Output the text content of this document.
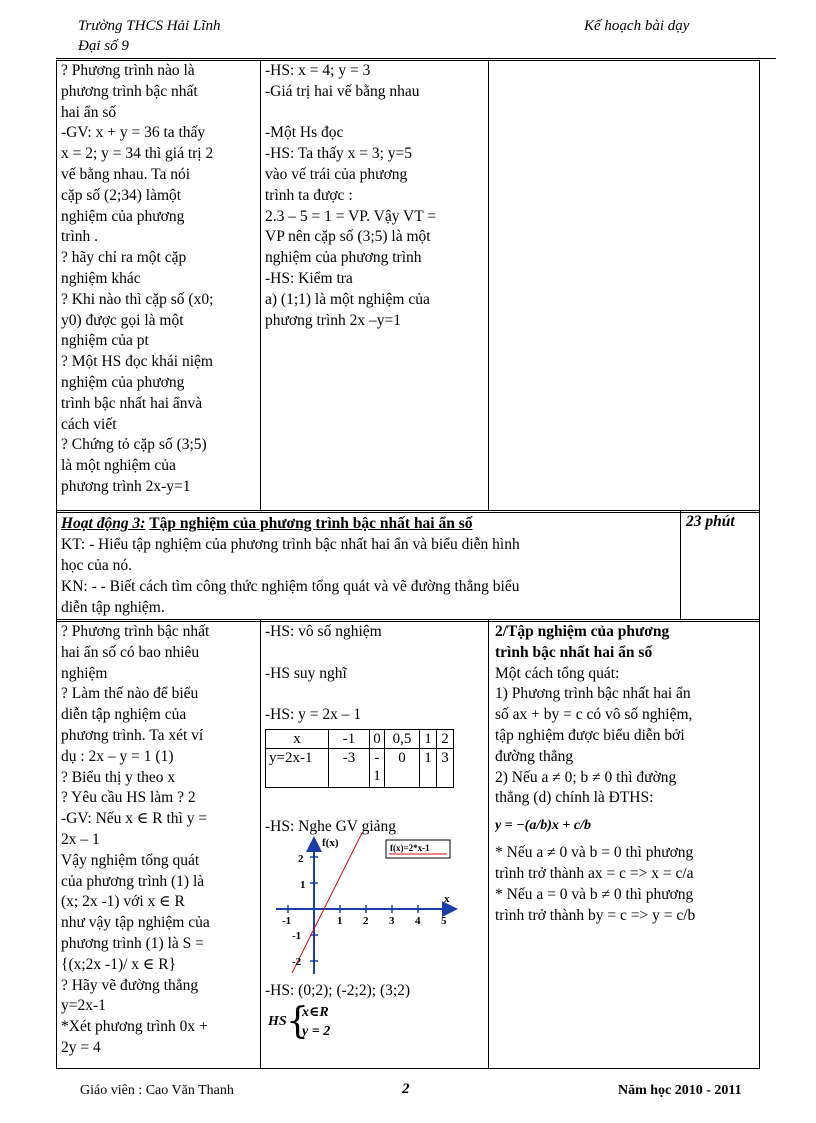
Trường THCS Hải Lĩnh
Đại số 9
Kế hoạch bài dạy
? Phương trình nào là
phương trình bậc nhất
hai ẩn số
-GV: x + y = 36 ta thấy
x = 2; y = 34 thì giá trị 2
vế bằng nhau. Ta nói
cặp số (2;34) làmột
nghiệm của phương
trình .
? hãy chỉ ra một cặp
nghiệm khác
? Khi nào thì cặp số (x0;
y0) được gọi là một
nghiệm của pt
? Một HS đọc khái niệm
nghiệm của phương
trình bậc nhất hai ẩnvà
cách viết
? Chứng tỏ cặp số (3;5)
là một nghiệm của
phương trình 2x-y=1
-HS: x = 4; y = 3
-Giá trị hai vế bằng nhau
-Một Hs đọc
-HS: Ta thấy x = 3; y=5
vào vế trái của phương
trình ta được :
2.3 – 5 = 1 = VP. Vậy VT =
VP nên cặp số (3;5) là một
nghiệm của phương trình
-HS: Kiểm tra
a) (1;1) là một nghiệm của
phương trình 2x –y=1
Hoạt động 3: Tập nghiệm của phương trình bậc nhất hai ẩn số
KT: - Hiểu tập nghiệm của phương trình bậc nhất hai ẩn và biểu diễn hình
học của nó.
KN: - - Biết cách tìm công thức nghiệm tổng quát và vẽ đường thẳng biểu
diễn tập nghiệm.
23 phút
? Phương trình bậc nhất
hai ẩn số có bao nhiêu
nghiệm
? Làm thế nào để biểu
diễn tập nghiệm của
phương trình. Ta xét ví
dụ : 2x – y = 1 (1)
? Biểu thị y theo x
? Yêu cầu HS làm ? 2
-GV: Nếu x ∈ R thì y =
2x – 1
Vậy nghiệm tổng quát
của phương trình (1) là
(x; 2x -1) với x ∈ R
như vậy tập nghiệm của
phương trình (1) là S =
{(x;2x -1)/ x ∈ R}
? Hãy vẽ đường thẳng
y=2x-1
*Xét phương trình 0x +
2y = 4
-HS: vô số nghiệm
-HS suy nghĩ
-HS: y = 2x – 1
x	-1	0	0,5	1	2
y=2x-1	-3	-1	0	1	3
-HS: Nghe GV giảng
-1	1 2 3 4 5
2
1
-1
-2
x
f(x)	f(x)=2*x-1
-HS: (0;2); (-2;2); (3;2)
HS {
x∈R
y = 2
2/Tập nghiệm của phương
trình bậc nhất hai ẩn số
Một cách tổng quát:
1) Phương trình bậc nhất hai ẩn
số ax + by = c có vô số nghiệm,
tập nghiệm được biểu diễn bởi
đường thẳng
2) Nếu a ≠ 0; b ≠ 0 thì đường
thẳng (d) chính là ĐTHS:
y = −(a/b)x + c/b
* Nếu a ≠ 0 và b = 0 thì phương
trình trở thành ax = c => x = c/a
* Nếu a = 0 và b ≠ 0 thì phương
trình trở thành by = c => y = c/b
Giáo viên : Cao Văn Thanh	2	Năm học 2010 - 2011
